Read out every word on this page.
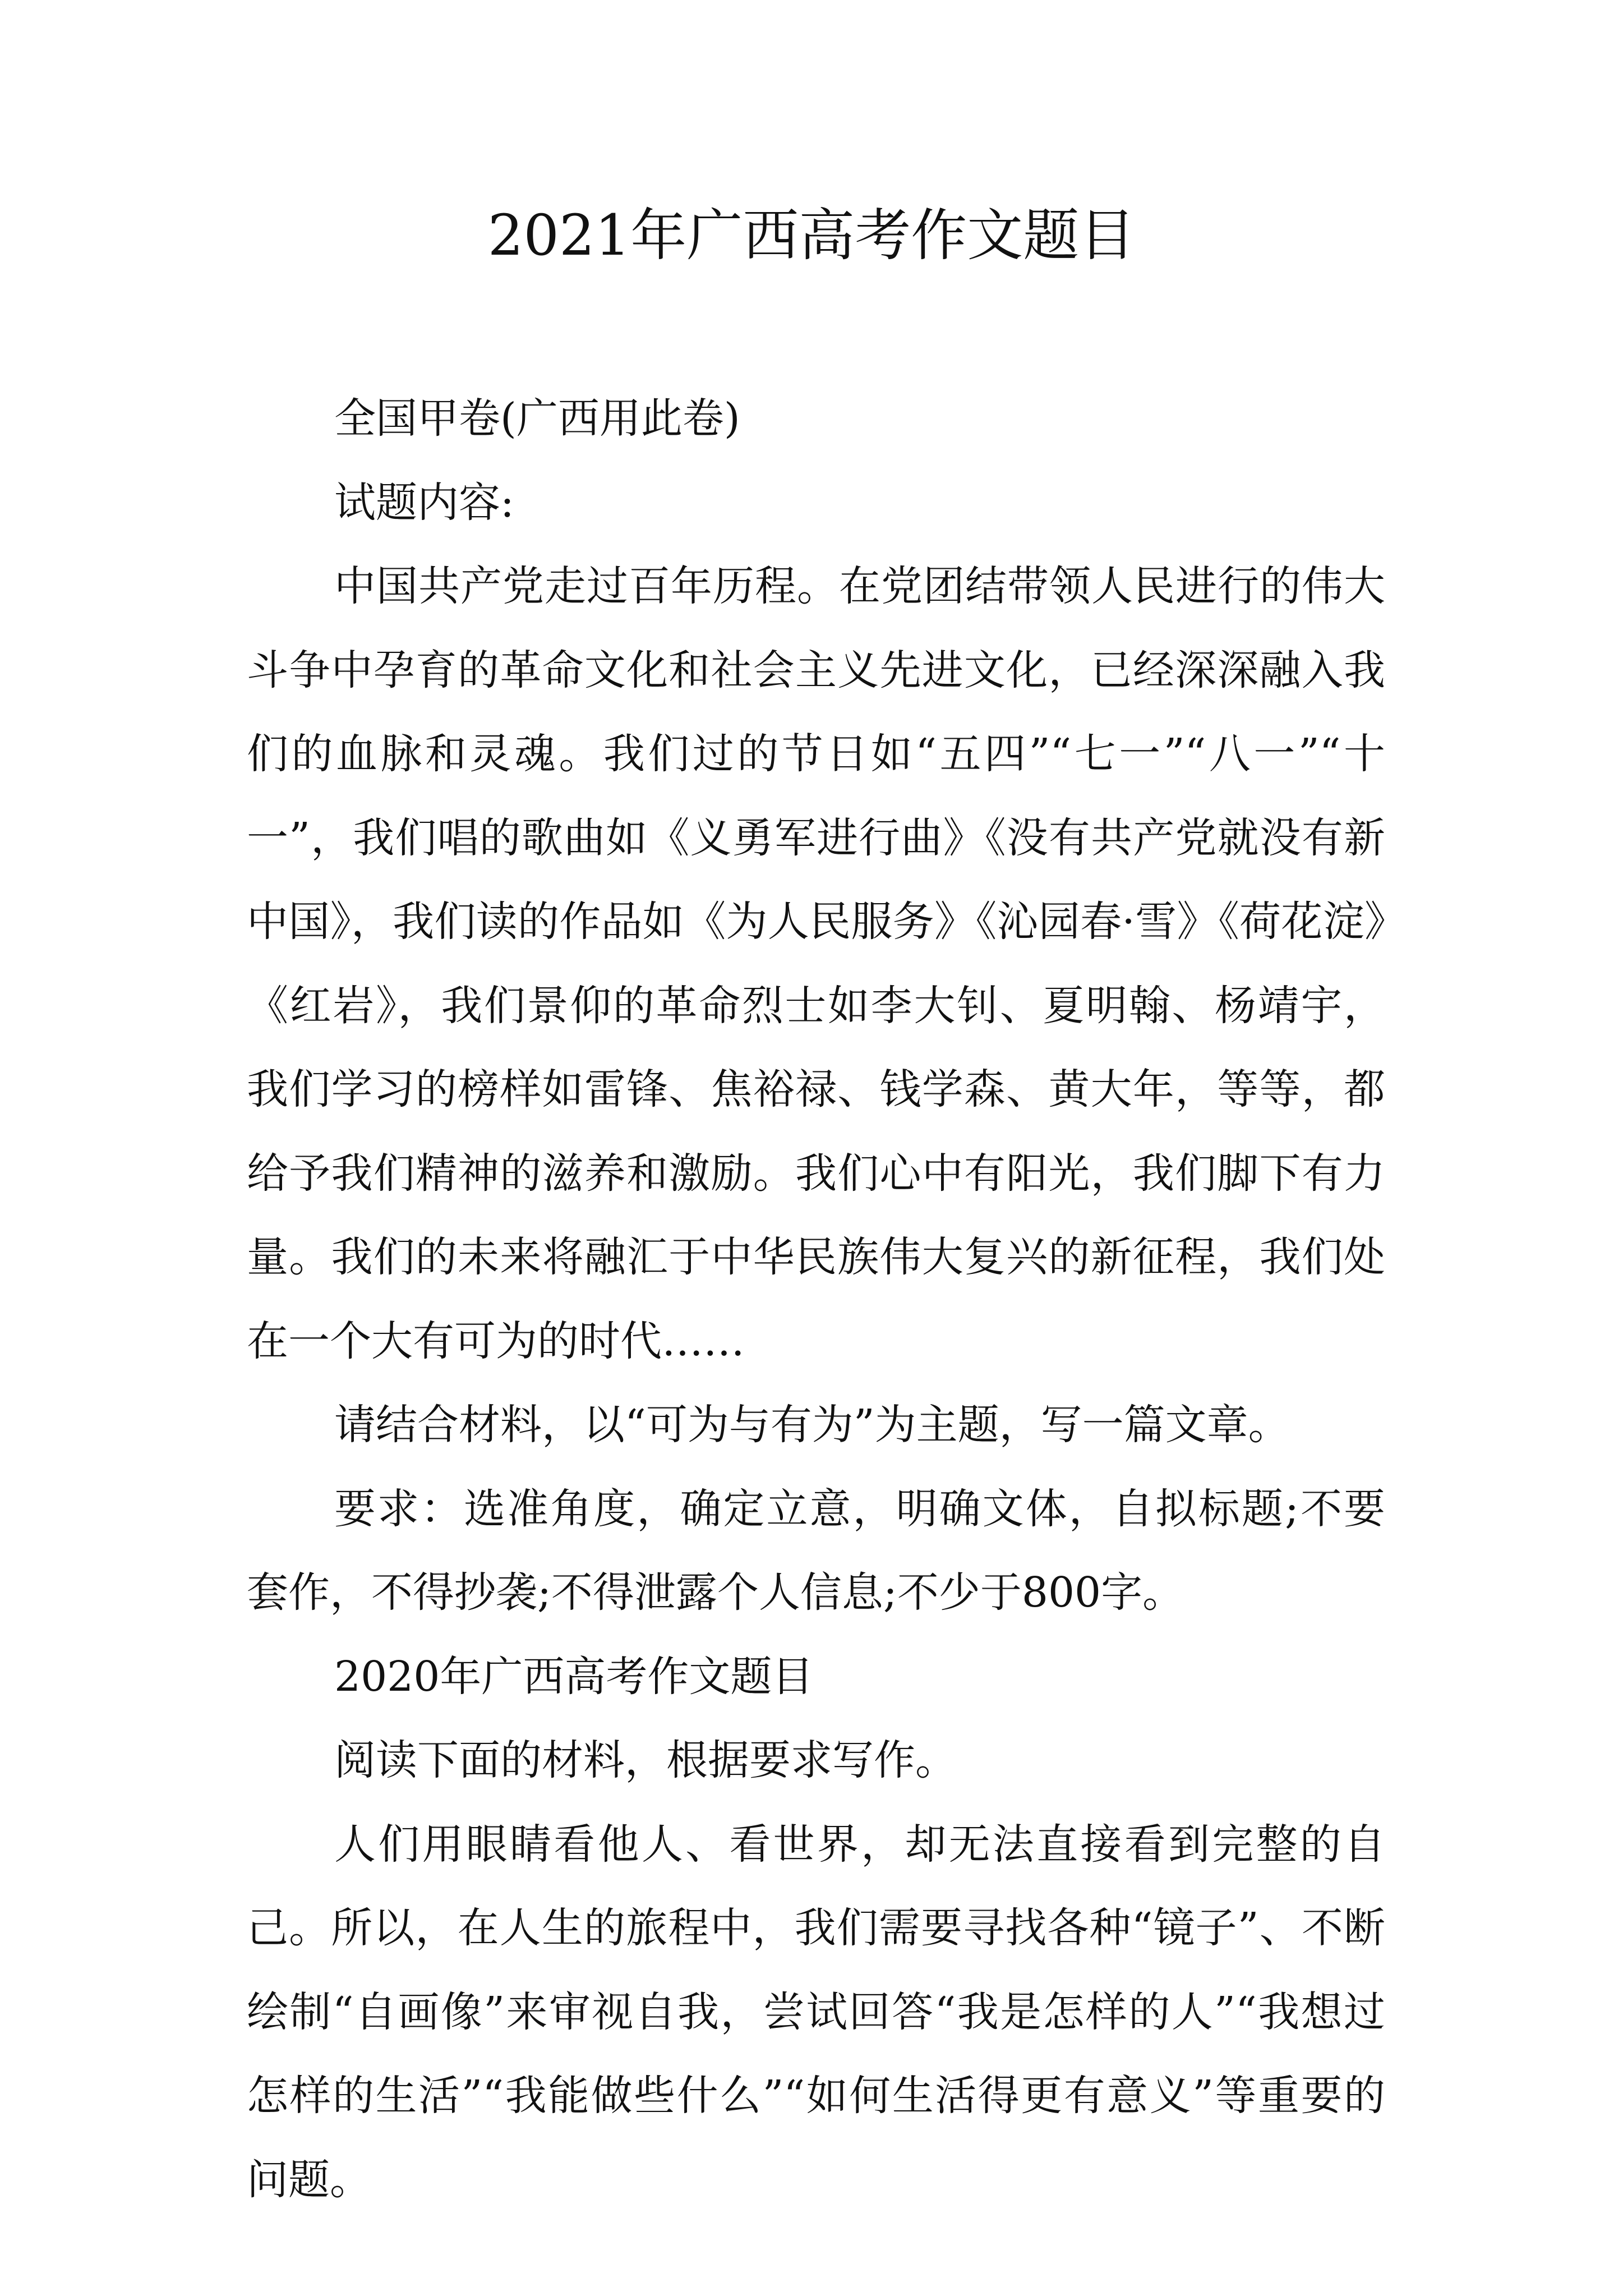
2021年广西高考作文题目

全国甲卷(广西用此卷)

试题内容:

中国共产党走过百年历程。在党团结带领人民进行的伟大斗争中孕育的革命文化和社会主义先进文化，已经深深融入我们的血脉和灵魂。我们过的节日如“五四”“七一”“八一”“十一”，我们唱的歌曲如《义勇军进行曲》《没有共产党就没有新中国》，我们读的作品如《为人民服务》《沁园春·雪》《荷花淀》《红岩》，我们景仰的革命烈士如李大钊、夏明翰、杨靖宇，我们学习的榜样如雷锋、焦裕禄、钱学森、黄大年，等等，都给予我们精神的滋养和激励。我们心中有阳光，我们脚下有力量。我们的未来将融汇于中华民族伟大复兴的新征程，我们处在一个大有可为的时代……

请结合材料，以“可为与有为”为主题，写一篇文章。

要求：选准角度，确定立意，明确文体，自拟标题;不要套作，不得抄袭;不得泄露个人信息;不少于800字。

2020年广西高考作文题目

阅读下面的材料，根据要求写作。

人们用眼睛看他人、看世界，却无法直接看到完整的自己。所以，在人生的旅程中，我们需要寻找各种“镜子”、不断绘制“自画像”来审视自我，尝试回答“我是怎样的人”“我想过怎样的生活”“我能做些什么”“如何生活得更有意义”等重要的问题。
